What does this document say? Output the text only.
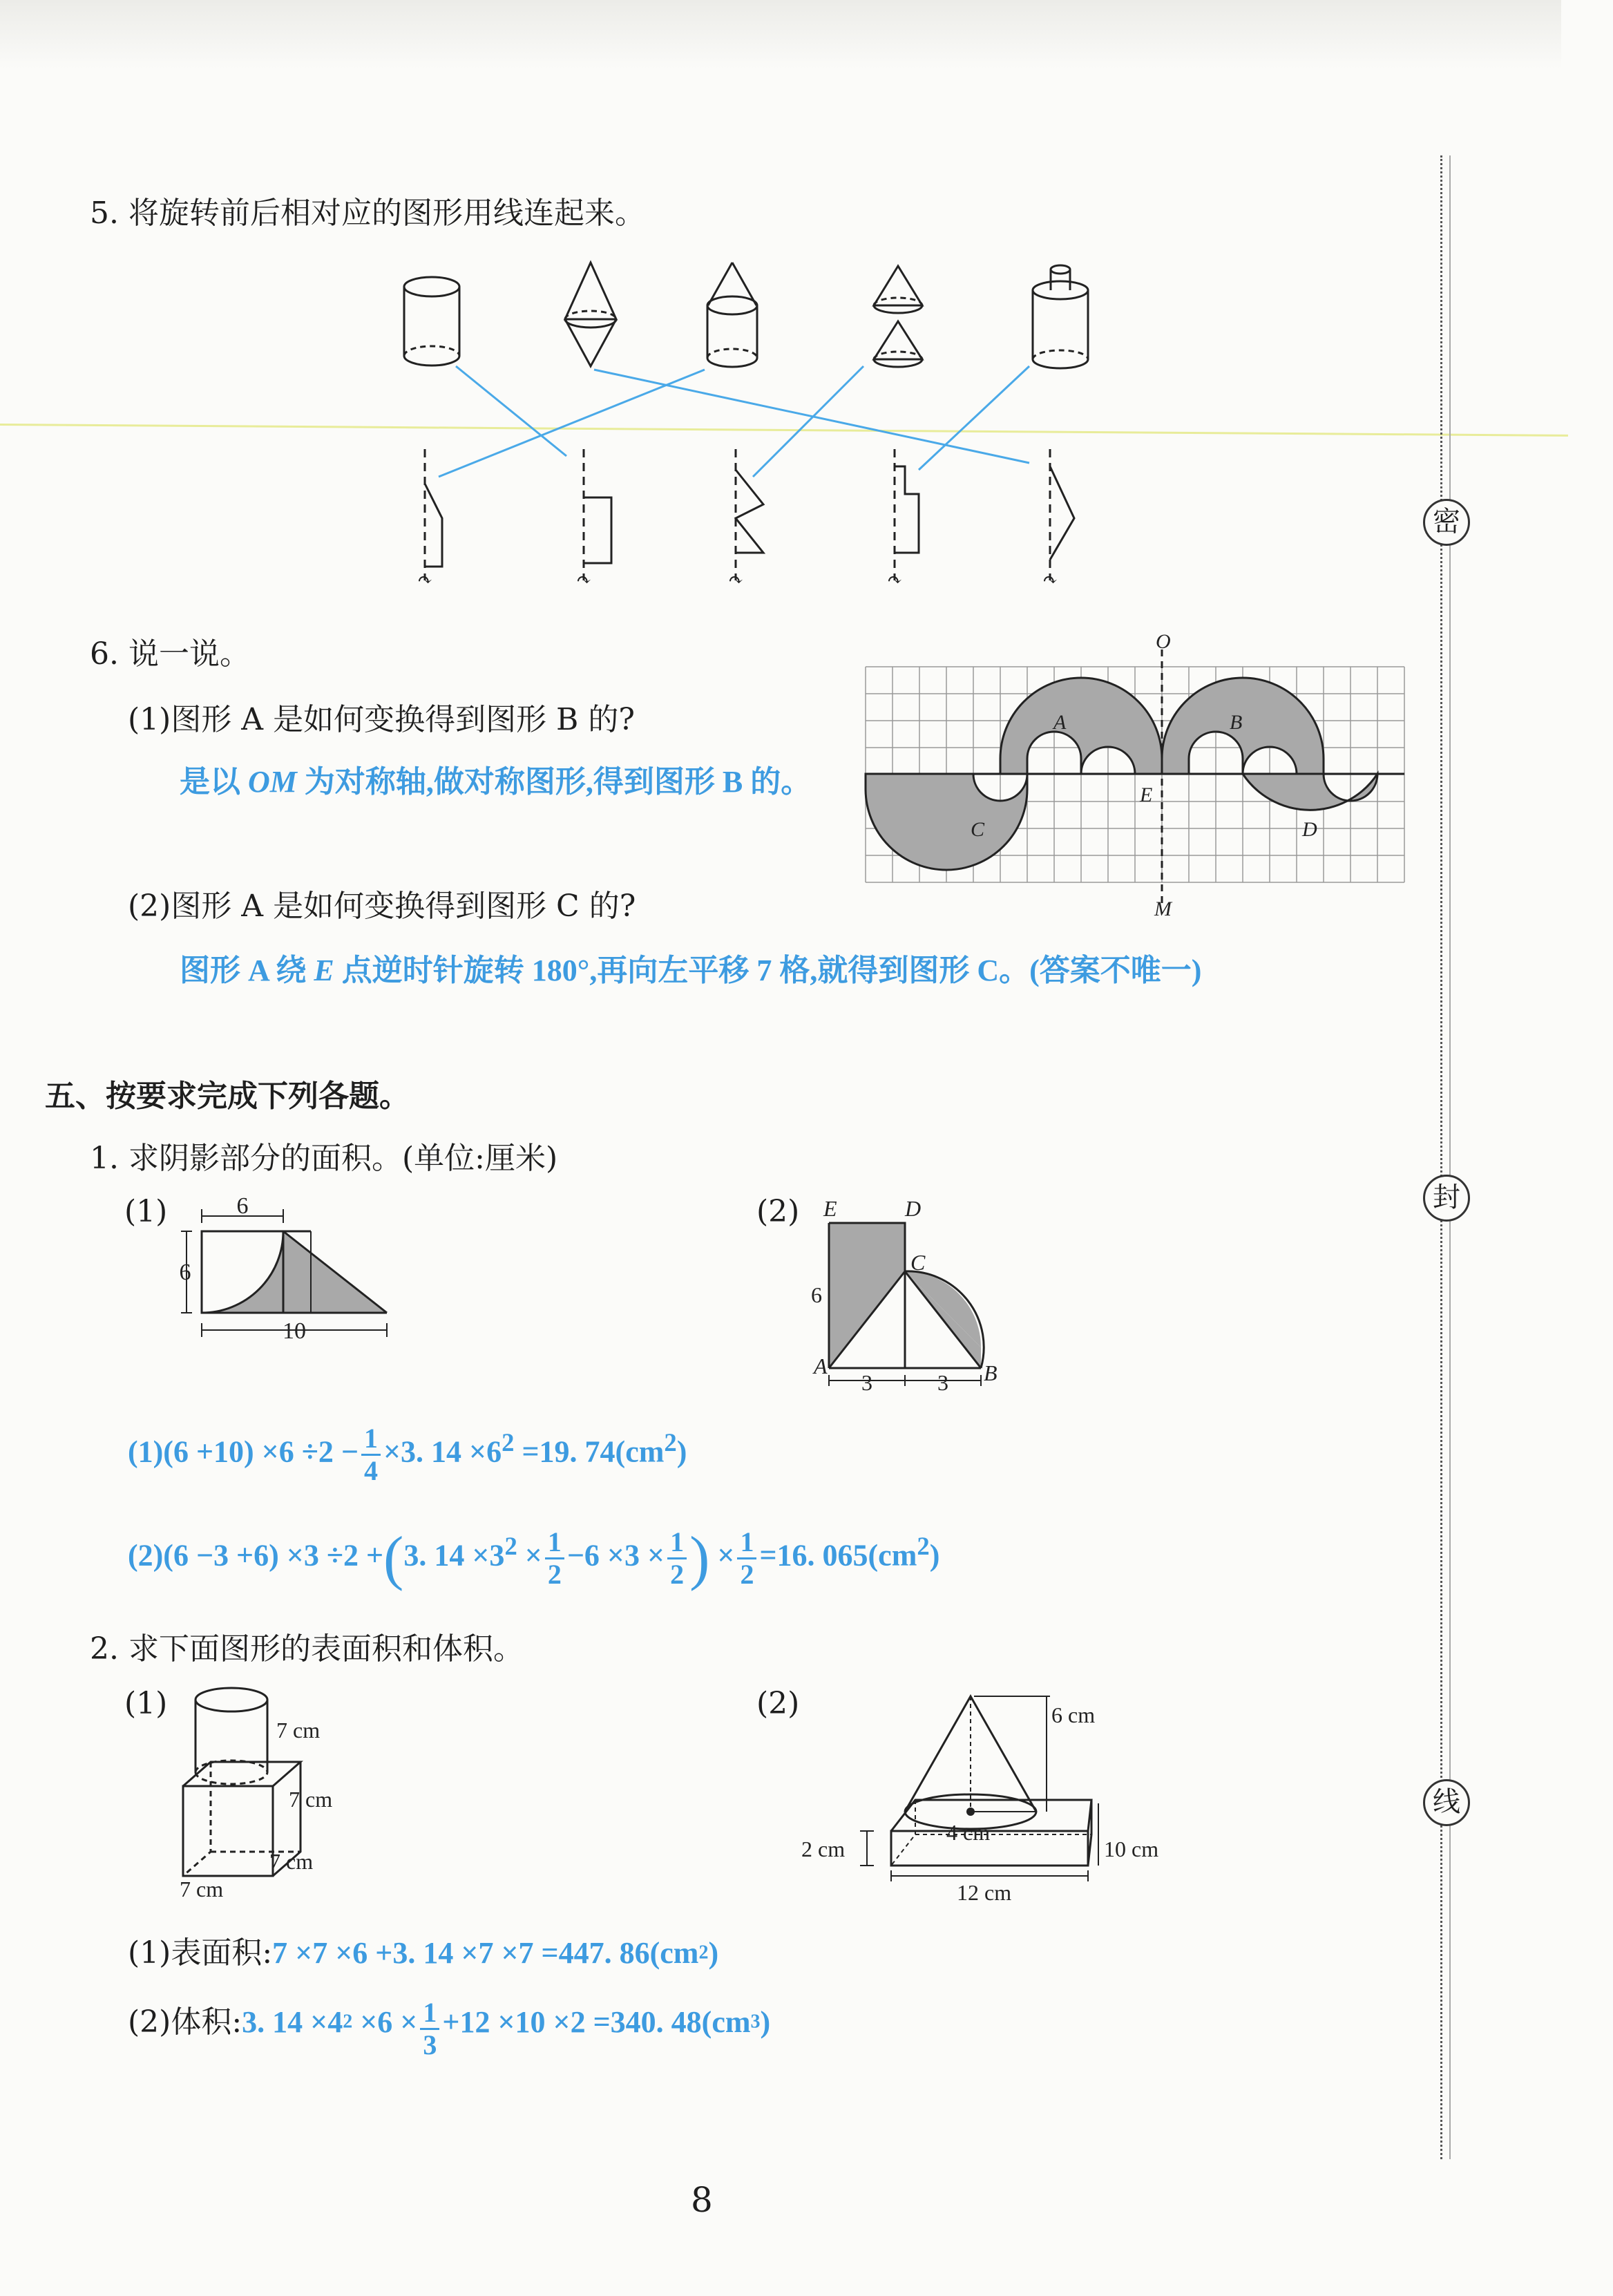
密
封
线
5. 将旋转前后相对应的图形用线连起来。
↷	↷	↷	↷	↷
6. 说一说。
(1)图形 A 是如何变换得到图形 B 的?
是以 OM 为对称轴,做对称图形,得到图形 B 的。
(2)图形 A 是如何变换得到图形 C 的?
图形 A 绕 E 点逆时针旋转 180°,再向左平移 7 格,就得到图形 C。(答案不唯一)
O
M
E
A	B
C	D
五、按要求完成下列各题。
1. 求阴影部分的面积。(单位:厘米)
(1)	6
6
10
(2) E	D
C
A	B
6
3	3
$(1)(6 +10) \times 6 \div 2 - \frac{1}{4} \times 3$. $14 \times 6^2 =19$. $74(cm^2)$
(2)(6 −3 +6) ×3 ÷2 +(3. $14 \times 3^2 \times \frac{1}{2} -6 \times 3 \times \frac{1}{2}$ ) × $\frac{1}{2} =16$. $065(cm^2)$
2. 求下面图形的表面积和体积。
(1)
7 cm
7 cm
7 cm
7 cm
(2)	6 cm
4 cm
2 cm	10 cm
12 cm
(1)表面积:7 ×7 ×6 +3. 14 ×7 ×7 =447. $86(cm^2)$
(2)体积:3. $14 \times 4^2 \times 6 \times \frac{1}{3} +12 \times 10 \times 2 =340$. $48(cm^3)$
8
